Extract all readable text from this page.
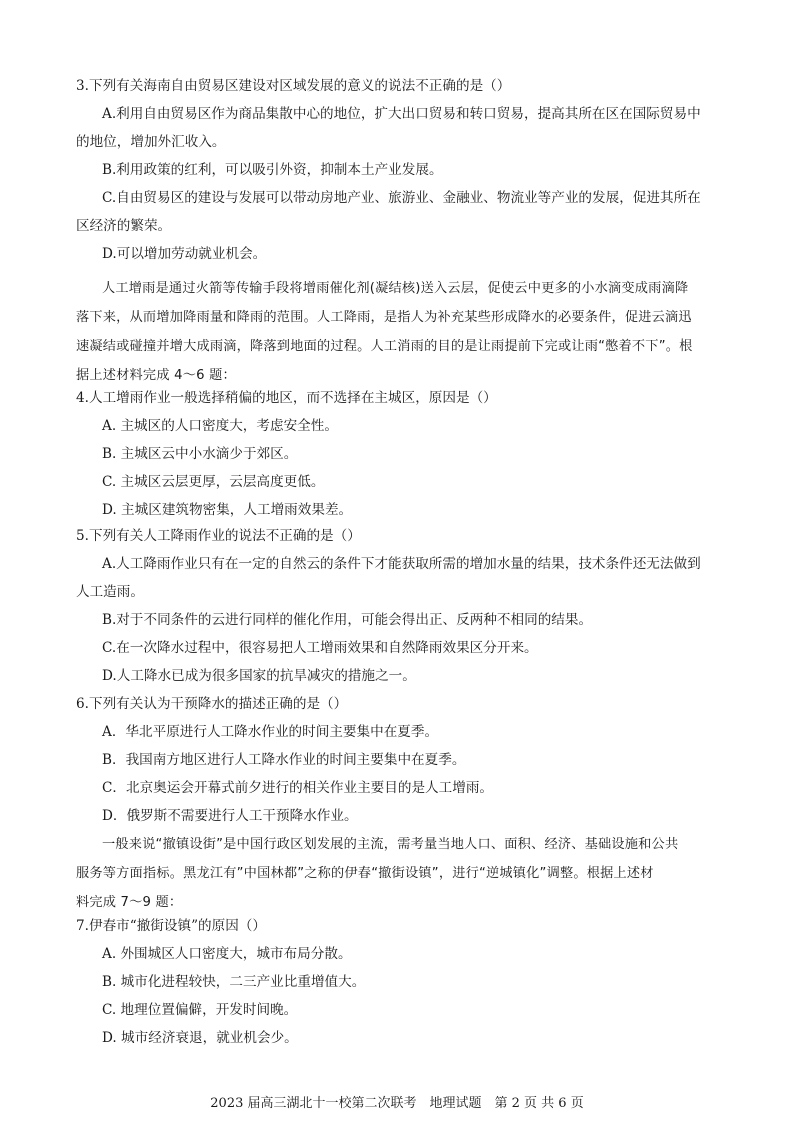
3.下列有关海南自由贸易区建设对区域发展的意义的说法不正确的是（）

A.利用自由贸易区作为商品集散中心的地位，扩大出口贸易和转口贸易，提高其所在区在国际贸易中

的地位，增加外汇收入。

B.利用政策的红利，可以吸引外资，抑制本土产业发展。

C.自由贸易区的建设与发展可以带动房地产业、旅游业、金融业、物流业等产业的发展，促进其所在

区经济的繁荣。

D.可以增加劳动就业机会。

人工增雨是通过火箭等传输手段将增雨催化剂(凝结核)送入云层，促使云中更多的小水滴变成雨滴降

落下来，从而增加降雨量和降雨的范围。人工降雨，是指人为补充某些形成降水的必要条件，促进云滴迅

速凝结或碰撞并增大成雨滴，降落到地面的过程。人工消雨的目的是让雨提前下完或让雨“憋着不下”。根

据上述材料完成 4～6 题：

4.人工增雨作业一般选择稍偏的地区，而不选择在主城区，原因是（）

A. 主城区的人口密度大，考虑安全性。

B. 主城区云中小水滴少于郊区。

C. 主城区云层更厚，云层高度更低。

D. 主城区建筑物密集，人工增雨效果差。

5.下列有关人工降雨作业的说法不正确的是（）

A.人工降雨作业只有在一定的自然云的条件下才能获取所需的增加水量的结果，技术条件还无法做到

人工造雨。

B.对于不同条件的云进行同样的催化作用，可能会得出正、反两种不相同的结果。

C.在一次降水过程中，很容易把人工增雨效果和自然降雨效果区分开来。

D.人工降水已成为很多国家的抗旱减灾的措施之一。

6.下列有关认为干预降水的描述正确的是（）

A．华北平原进行人工降水作业的时间主要集中在夏季。

B．我国南方地区进行人工降水作业的时间主要集中在夏季。

C．北京奥运会开幕式前夕进行的相关作业主要目的是人工增雨。

D．俄罗斯不需要进行人工干预降水作业。

一般来说“撤镇设街”是中国行政区划发展的主流，需考量当地人口、面积、经济、基础设施和公共

服务等方面指标。黑龙江有”中国林都”之称的伊春“撤街设镇”，进行“逆城镇化”调整。根据上述材

料完成 7～9 题：

7.伊春市“撤街设镇”的原因（）

A. 外围城区人口密度大，城市布局分散。

B. 城市化进程较快，二三产业比重增值大。

C. 地理位置偏僻，开发时间晚。

D. 城市经济衰退，就业机会少。

2023 届高三湖北十一校第二次联考　地理试题　第 2 页 共 6 页
